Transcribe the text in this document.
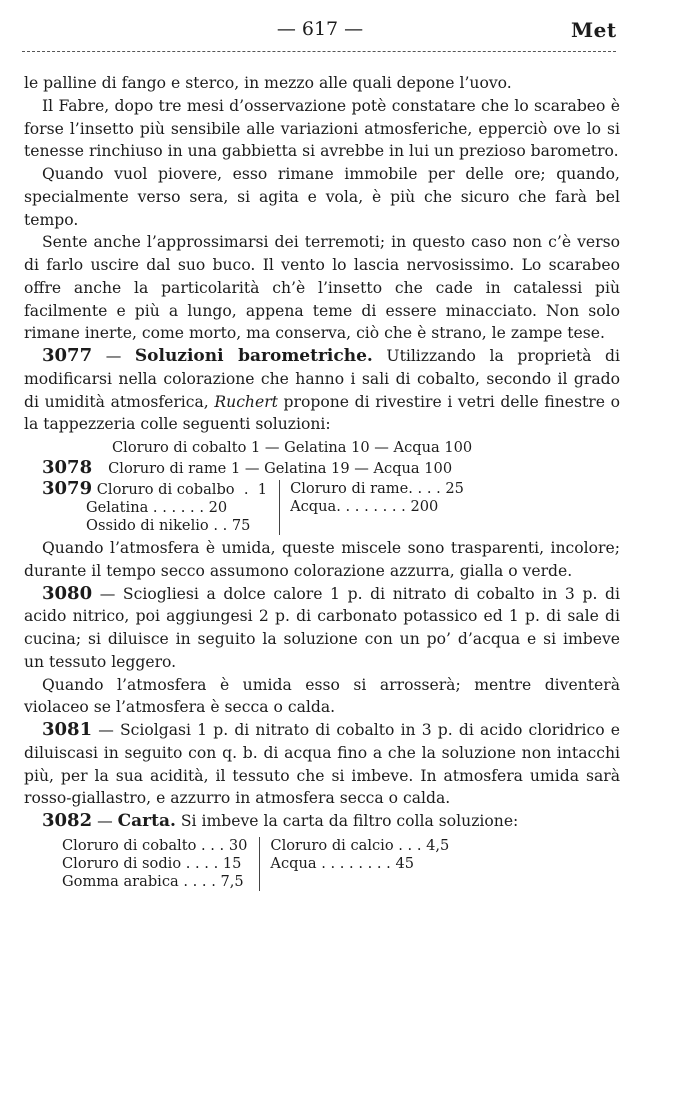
— 617 —	Met

le palline di fango e sterco, in mezzo alle quali depone l’uovo.

Il Fabre, dopo tre mesi d’osservazione potè constatare che lo scarabeo è forse l’insetto più sensibile alle variazioni atmosferiche, epperciò ove lo si tenesse rinchiuso in una gabbietta si avrebbe in lui un prezioso barometro.

Quando vuol piovere, esso rimane immobile per delle ore; quando, specialmente verso sera, si agita e vola, è più che sicuro che farà bel tempo.

Sente anche l’approssimarsi dei terremoti; in questo caso non c’è verso di farlo uscire dal suo buco. Il vento lo lascia nervosissimo. Lo scarabeo offre anche la particolarità ch’è l’insetto che cade in catalessi più facilmente e più a lungo, appena teme di essere minacciato. Non solo rimane inerte, come morto, ma conserva, ciò che è strano, le zampe tese.

3077 — Soluzioni barometriche. Utilizzando la proprietà di modificarsi nella colorazione che hanno i sali di cobalto, secondo il grado di umidità atmosferica, Ruchert propone di rivestire i vetri delle finestre o la tappezzeria colle seguenti soluzioni:

Cloruro di cobalto 1 — Gelatina 10 — Acqua 100
3078 Cloruro di rame 1 — Gelatina 19 — Acqua 100
3079 Cloruro di cobalbo  .  1
Gelatina . . . . . . 20
Ossido di nikelio . . 75
Cloruro di rame. . . . 25
Acqua. . . . . . . . 200

Quando l’atmosfera è umida, queste miscele sono trasparenti, incolore; durante il tempo secco assumono colorazione azzurra, gialla o verde.

3080 — Sciogliesi a dolce calore 1 p. di nitrato di cobalto in 3 p. di acido nitrico, poi aggiungesi 2 p. di carbonato potassico ed 1 p. di sale di cucina; si diluisce in seguito la soluzione con un po’ d’acqua e si imbeve un tessuto leggero.

Quando l’atmosfera è umida esso si arrosserà; mentre diventerà violaceo se l’atmosfera è secca o calda.

3081 — Sciolgasi 1 p. di nitrato di cobalto in 3 p. di acido cloridrico e diluiscasi in seguito con q. b. di acqua fino a che la soluzione non intacchi più, per la sua acidità, il tessuto che si imbeve. In atmosfera umida sarà rosso-giallastro, e azzurro in atmosfera secca o calda.

3082 — Carta. Si imbeve la carta da filtro colla soluzione:

Cloruro di cobalto . . . 30
Cloruro di sodio . . . . 15
Gomma arabica . . . . 7,5
Cloruro di calcio . . . 4,5
Acqua . . . . . . . . 45
